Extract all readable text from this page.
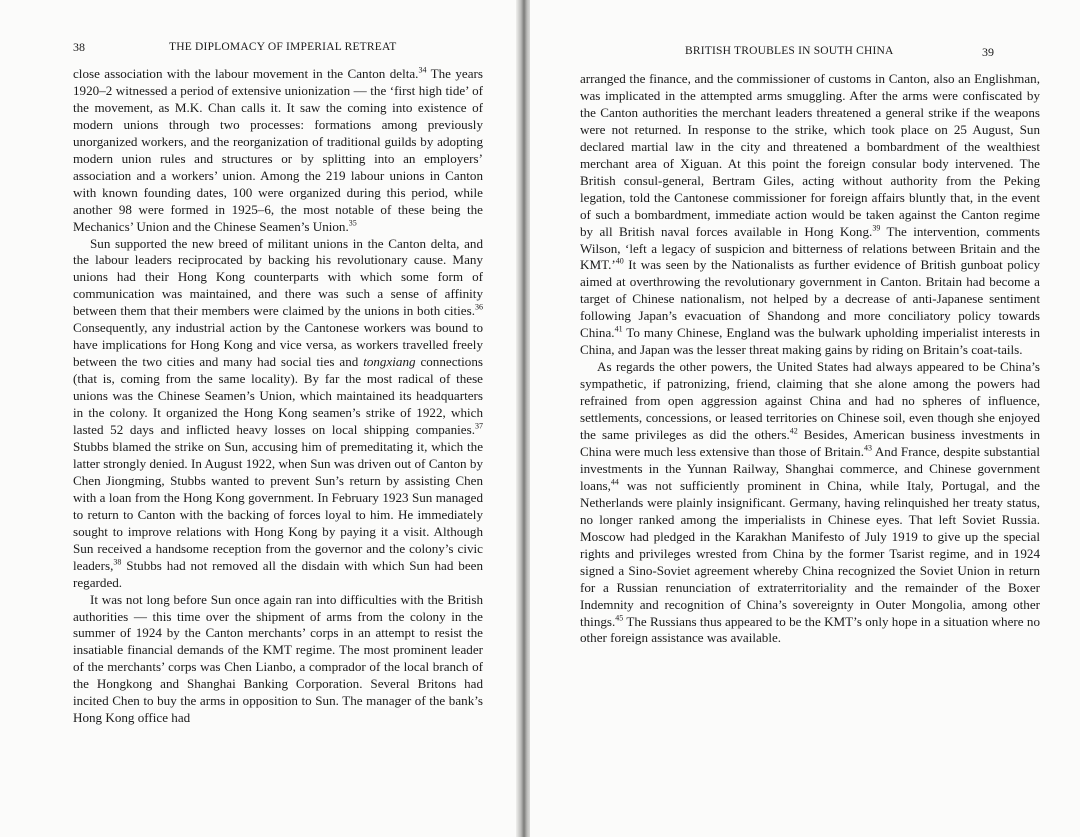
38	THE DIPLOMACY OF IMPERIAL RETREAT

close association with the labour movement in the Canton delta.$^{34}$ The years 1920–2 witnessed a period of extensive unionization — the ‘first high tide’ of the movement, as M.K. Chan calls it. It saw the coming into existence of modern unions through two processes: formations among previously unorganized workers, and the reorganization of traditional guilds by adopting modern union rules and structures or by splitting into an employers’ association and a workers’ union. Among the 219 labour unions in Canton with known founding dates, 100 were organized during this period, while another 98 were formed in 1925–6, the most notable of these being the Mechanics’ Union and the Chinese Seamen’s Union.$^{35}$

Sun supported the new breed of militant unions in the Canton delta, and the labour leaders reciprocated by backing his revolutionary cause. Many unions had their Hong Kong counterparts with which some form of communication was maintained, and there was such a sense of affinity between them that their members were claimed by the unions in both cities.$^{36}$ Consequently, any industrial action by the Cantonese workers was bound to have implications for Hong Kong and vice versa, as workers travelled freely between the two cities and many had social ties and tongxiang connections (that is, coming from the same locality). By far the most radical of these unions was the Chinese Seamen’s Union, which maintained its headquarters in the colony. It organized the Hong Kong seamen’s strike of 1922, which lasted 52 days and inflicted heavy losses on local shipping companies.$^{37}$ Stubbs blamed the strike on Sun, accusing him of premeditating it, which the latter strongly denied. In August 1922, when Sun was driven out of Canton by Chen Jiongming, Stubbs wanted to prevent Sun’s return by assisting Chen with a loan from the Hong Kong government. In February 1923 Sun managed to return to Canton with the backing of forces loyal to him. He immediately sought to improve relations with Hong Kong by paying it a visit. Although Sun received a handsome reception from the governor and the colony’s civic leaders,$^{38}$ Stubbs had not removed all the disdain with which Sun had been regarded.

It was not long before Sun once again ran into difficulties with the British authorities — this time over the shipment of arms from the colony in the summer of 1924 by the Canton merchants’ corps in an attempt to resist the insatiable financial demands of the KMT regime. The most prominent leader of the merchants’ corps was Chen Lianbo, a comprador of the local branch of the Hongkong and Shanghai Banking Corporation. Several Britons had incited Chen to buy the arms in opposition to Sun. The manager of the bank’s Hong Kong office had

BRITISH TROUBLES IN SOUTH CHINA	39

arranged the finance, and the commissioner of customs in Canton, also an Englishman, was implicated in the attempted arms smuggling. After the arms were confiscated by the Canton authorities the merchant leaders threatened a general strike if the weapons were not returned. In response to the strike, which took place on 25 August, Sun declared martial law in the city and threatened a bombardment of the wealthiest merchant area of Xiguan. At this point the foreign consular body intervened. The British consul-general, Bertram Giles, acting without authority from the Peking legation, told the Cantonese commissioner for foreign affairs bluntly that, in the event of such a bombardment, immediate action would be taken against the Canton regime by all British naval forces available in Hong Kong.$^{39}$ The intervention, comments Wilson, ‘left a legacy of suspicion and bitterness of relations between Britain and the KMT.’$^{40}$ It was seen by the Nationalists as further evidence of British gunboat policy aimed at overthrowing the revolutionary government in Canton. Britain had become a target of Chinese nationalism, not helped by a decrease of anti-Japanese sentiment following Japan’s evacuation of Shandong and more conciliatory policy towards China.$^{41}$ To many Chinese, England was the bulwark upholding imperialist interests in China, and Japan was the lesser threat making gains by riding on Britain’s coat-tails.

As regards the other powers, the United States had always appeared to be China’s sympathetic, if patronizing, friend, claiming that she alone among the powers had refrained from open aggression against China and had no spheres of influence, settlements, concessions, or leased territories on Chinese soil, even though she enjoyed the same privileges as did the others.$^{42}$ Besides, American business investments in China were much less extensive than those of Britain.$^{43}$ And France, despite substantial investments in the Yunnan Railway, Shanghai commerce, and Chinese government loans,$^{44}$ was not sufficiently prominent in China, while Italy, Portugal, and the Netherlands were plainly insignificant. Germany, having relinquished her treaty status, no longer ranked among the imperialists in Chinese eyes. That left Soviet Russia. Moscow had pledged in the Karakhan Manifesto of July 1919 to give up the special rights and privileges wrested from China by the former Tsarist regime, and in 1924 signed a Sino-Soviet agreement whereby China recognized the Soviet Union in return for a Russian renunciation of extraterritoriality and the remainder of the Boxer Indemnity and recognition of China’s sovereignty in Outer Mongolia, among other things.$^{45}$ The Russians thus appeared to be the KMT’s only hope in a situation where no other foreign assistance was available.
